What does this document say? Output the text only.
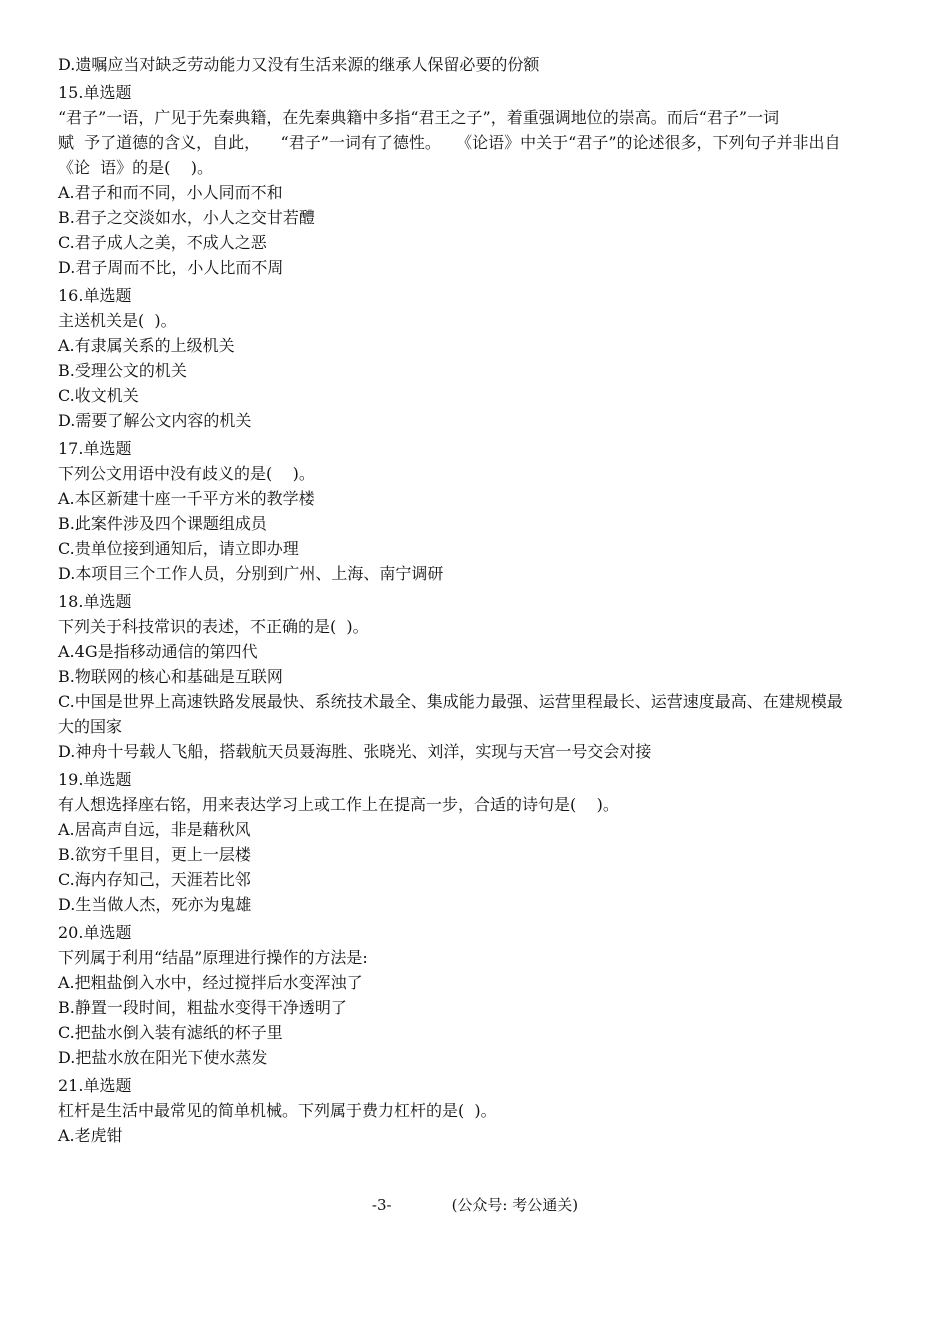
D.遗嘱应当对缺乏劳动能力又没有生活来源的继承人保留必要的份额

15.单选题

“君子”一语，广见于先秦典籍，在先秦典籍中多指“君王之子”，着重强调地位的崇高。而后“君子”一词

赋  予了道德的含义，自此，    “君子”一词有了德性。   《论语》中关于“君子”的论述很多，下列句子并非出自

《论  语》的是(    )。

A.君子和而不同，小人同而不和

B.君子之交淡如水，小人之交甘若醴

C.君子成人之美，不成人之恶

D.君子周而不比，小人比而不周

16.单选题

主送机关是(  )。

A.有隶属关系的上级机关

B.受理公文的机关

C.收文机关

D.需要了解公文内容的机关

17.单选题

下列公文用语中没有歧义的是(    )。

A.本区新建十座一千平方米的教学楼

B.此案件涉及四个课题组成员

C.贵单位接到通知后，请立即办理

D.本项目三个工作人员，分别到广州、上海、南宁调研

18.单选题

下列关于科技常识的表述，不正确的是(  )。

A.4G是指移动通信的第四代

B.物联网的核心和基础是互联网

C.中国是世界上高速铁路发展最快、系统技术最全、集成能力最强、运营里程最长、运营速度最高、在建规模最
大的国家

D.神舟十号载人飞船，搭载航天员聂海胜、张晓光、刘洋，实现与天宫一号交会对接

19.单选题

有人想选择座右铭，用来表达学习上或工作上在提高一步，合适的诗句是(    )。

A.居高声自远，非是藉秋风

B.欲穷千里目，更上一层楼

C.海内存知己，天涯若比邻

D.生当做人杰，死亦为鬼雄

20.单选题

下列属于利用“结晶”原理进行操作的方法是:

A.把粗盐倒入水中，经过搅拌后水变浑浊了

B.静置一段时间，粗盐水变得干净透明了

C.把盐水倒入装有滤纸的杯子里

D.把盐水放在阳光下使水蒸发

21.单选题

杠杆是生活中最常见的简单机械。下列属于费力杠杆的是(  )。

A.老虎钳

-3-	(公众号: 考公通关)
